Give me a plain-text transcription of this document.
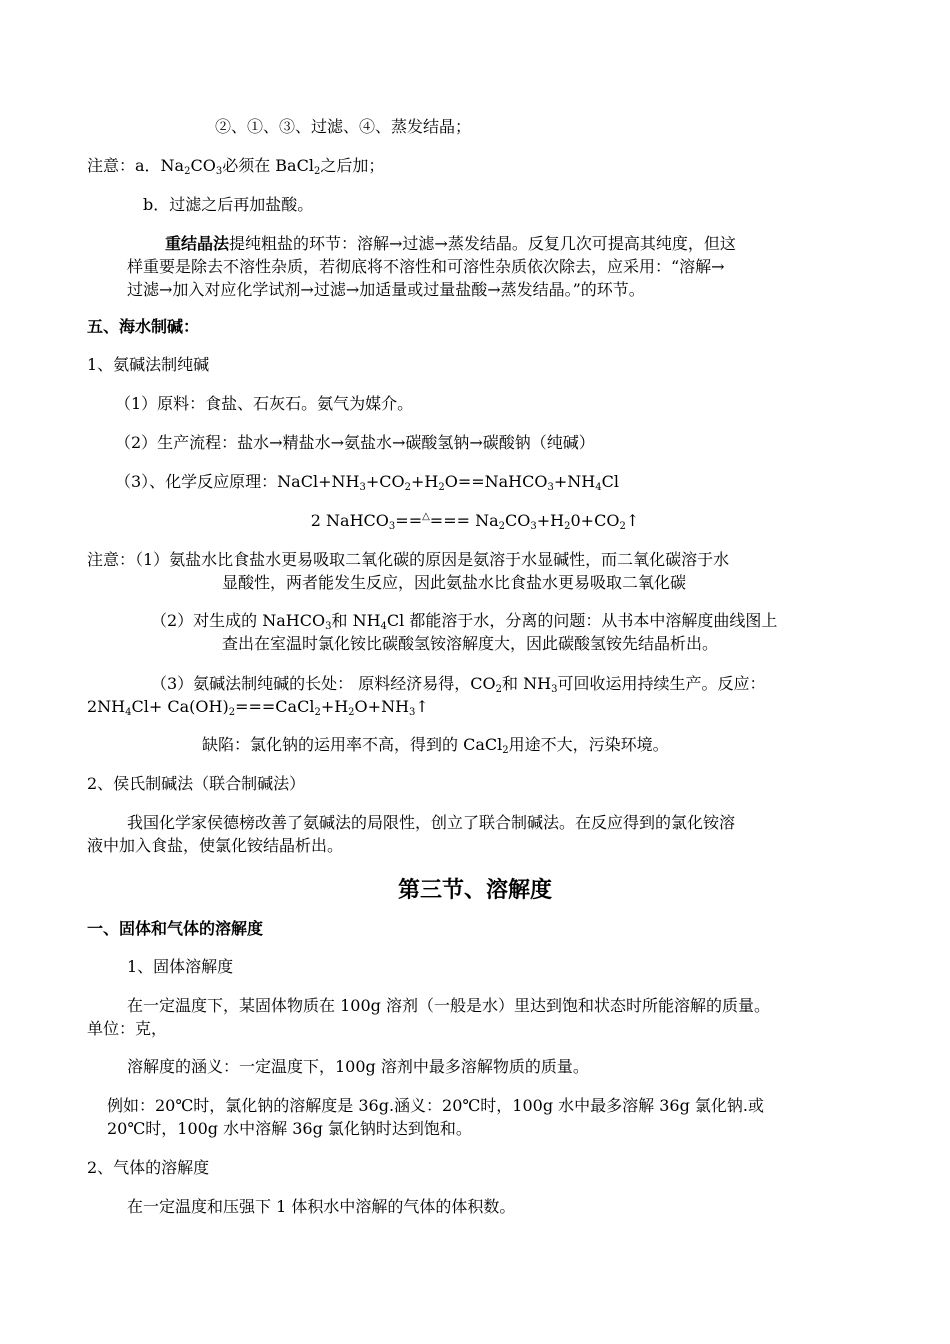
②、①、③、过滤、④、蒸发结晶；
注意：a．$Na_2CO_3$必须在 BaCl$_2$之后加；
b．过滤之后再加盐酸。
重结晶法提纯粗盐的环节：溶解→过滤→蒸发结晶。反复几次可提高其纯度，但这
样重要是除去不溶性杂质，若彻底将不溶性和可溶性杂质依次除去，应采用：“溶解→
过滤→加入对应化学试剂→过滤→加适量或过量盐酸→蒸发结晶。”的环节。
五、海水制碱：
1、氨碱法制纯碱
（1）原料：食盐、石灰石。氨气为媒介。
（2）生产流程：盐水→精盐水→氨盐水→碳酸氢钠→碳酸钠（纯碱）
（3）、化学反应原理：$NaCl+NH_3+CO_2+H_2O==NaHCO_3+NH_4Cl$
2 NaHCO$_3$==△=== $Na_2CO_3+H_20+CO_2↑$
注意：（1）氨盐水比食盐水更易吸取二氧化碳的原因是氨溶于水显碱性，而二氧化碳溶于水
显酸性，两者能发生反应，因此氨盐水比食盐水更易吸取二氧化碳
（2）对生成的 NaHCO$_3$和 $NH_4Cl$ 都能溶于水，分离的问题：从书本中溶解度曲线图上
查出在室温时氯化铵比碳酸氢铵溶解度大，因此碳酸氢铵先结晶析出。
（3）氨碱法制纯碱的长处： 原料经济易得，$CO_2$和 $NH_3$可回收运用持续生产。反应：
$2NH_4Cl+$ $Ca(OH)_2===CaCl_2+H_2O+NH_3↑$
缺陷：氯化钠的运用率不高，得到的 CaCl$_2$用途不大，污染环境。
2、侯氏制碱法（联合制碱法）
我国化学家侯德榜改善了氨碱法的局限性，创立了联合制碱法。在反应得到的氯化铵溶
液中加入食盐，使氯化铵结晶析出。
第三节、溶解度
一、固体和气体的溶解度
1、固体溶解度
在一定温度下，某固体物质在 100g 溶剂（一般是水）里达到饱和状态时所能溶解的质量。
单位：克，
溶解度的涵义：一定温度下，100g 溶剂中最多溶解物质的质量。
例如：20℃时，氯化钠的溶解度是 36g.涵义：20℃时，100g 水中最多溶解 36g 氯化钠.或
20℃时，100g 水中溶解 36g 氯化钠时达到饱和。
2、气体的溶解度
在一定温度和压强下 1 体积水中溶解的气体的体积数。
